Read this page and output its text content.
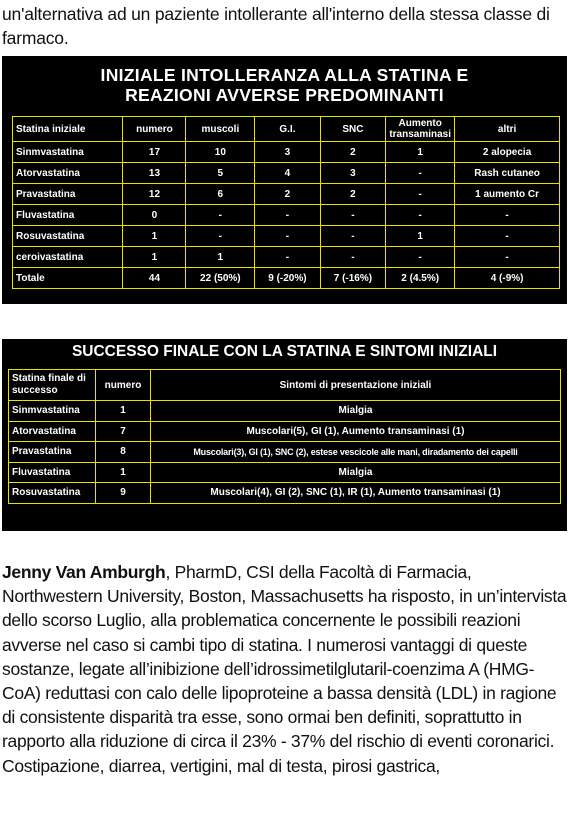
un'alternativa ad un paziente intollerante all'interno della stessa classe di farmaco.
INIZIALE INTOLLERANZA ALLA STATINA E
REAZIONI AVVERSE PREDOMINANTI
Statina iniziale	numero	muscoli	G.I.	SNC	Aumento transaminasi	altri
Sinmvastatina	17	10	3	2	1	2 alopecia
Atorvastatina	13	5	4	3	-	Rash cutaneo
Pravastatina	12	6	2	2	-	1 aumento Cr
Fluvastatina	0	-	-	-	-	-
Rosuvastatina	1	-	-	-	1	-
ceroivastatina	1	1	-	-	-	-
Totale	44	22 (50%)	9 (-20%)	7 (-16%)	2 (4.5%)	4 (-9%)
SUCCESSO FINALE CON LA STATINA E SINTOMI INIZIALI
Statina finale di successo	numero	Sintomi di presentazione iniziali
Sinmvastatina	1	Mialgia
Atorvastatina	7	Muscolari(5), GI (1), Aumento transaminasi (1)
Pravastatina	8	Muscolari(3), GI (1), SNC (2), estese vescicole alle mani, diradamento dei capelli
Fluvastatina	1	Mialgia
Rosuvastatina	9	Muscolari(4), GI (2), SNC (1), IR (1), Aumento transaminasi (1)
Jenny Van Amburgh, PharmD, CSI della Facoltà di Farmacia, Northwestern University, Boston, Massachusetts ha risposto, in un’intervista dello scorso Luglio, alla problematica concernente le possibili reazioni avverse nel caso si cambi tipo di statina. I numerosi vantaggi di queste sostanze, legate all’inibizione dell’idrossimetilglutaril-coenzima A (HMG-CoA) reduttasi con calo delle lipoproteine a bassa densità (LDL) in ragione di consistente disparità tra esse, sono ormai ben definiti, soprattutto in rapporto alla riduzione di circa il 23% - 37% del rischio di eventi coronarici. Costipazione, diarrea, vertigini, mal di testa, pirosi gastrica,
